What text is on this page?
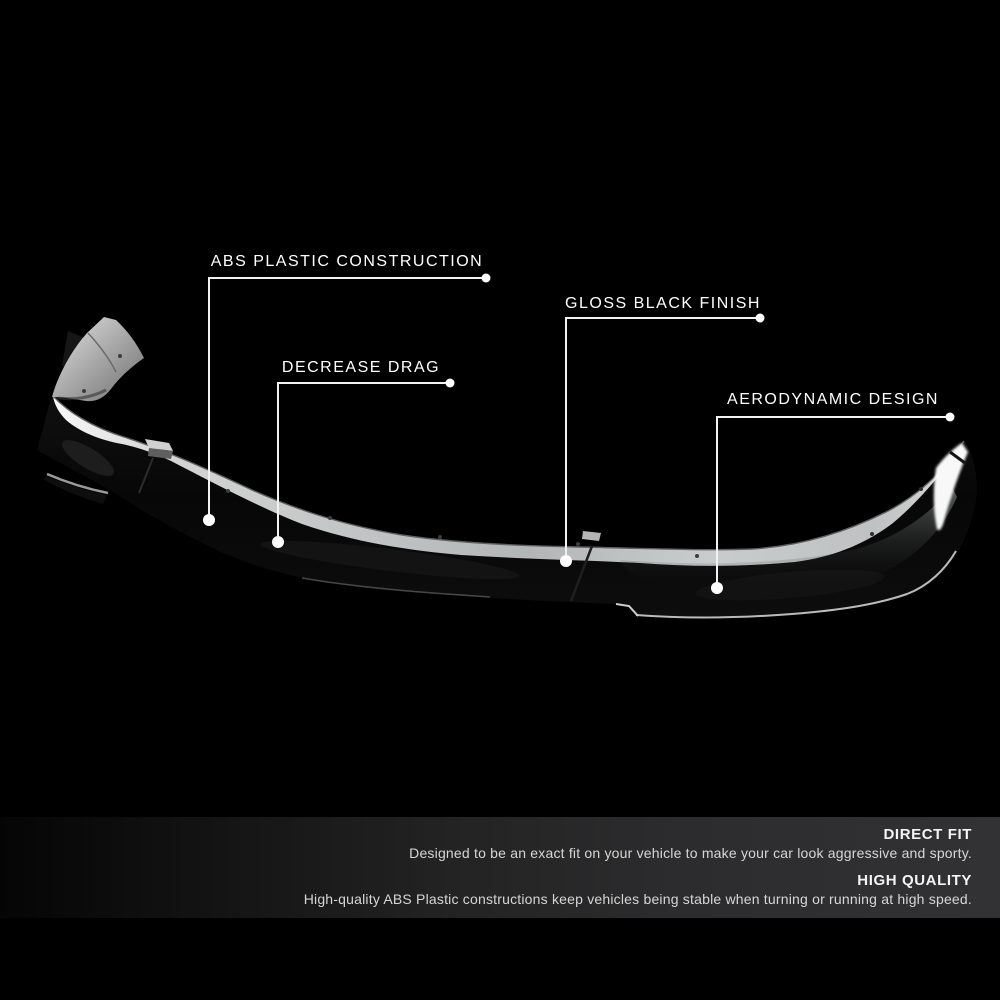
ABS PLASTIC CONSTRUCTION
DECREASE DRAG
GLOSS BLACK FINISH
AERODYNAMIC DESIGN
DIRECT FIT

Designed to be an exact fit on your vehicle to make your car look aggressive and sporty.

HIGH QUALITY

High-quality ABS Plastic constructions keep vehicles being stable when turning or running at high speed.
